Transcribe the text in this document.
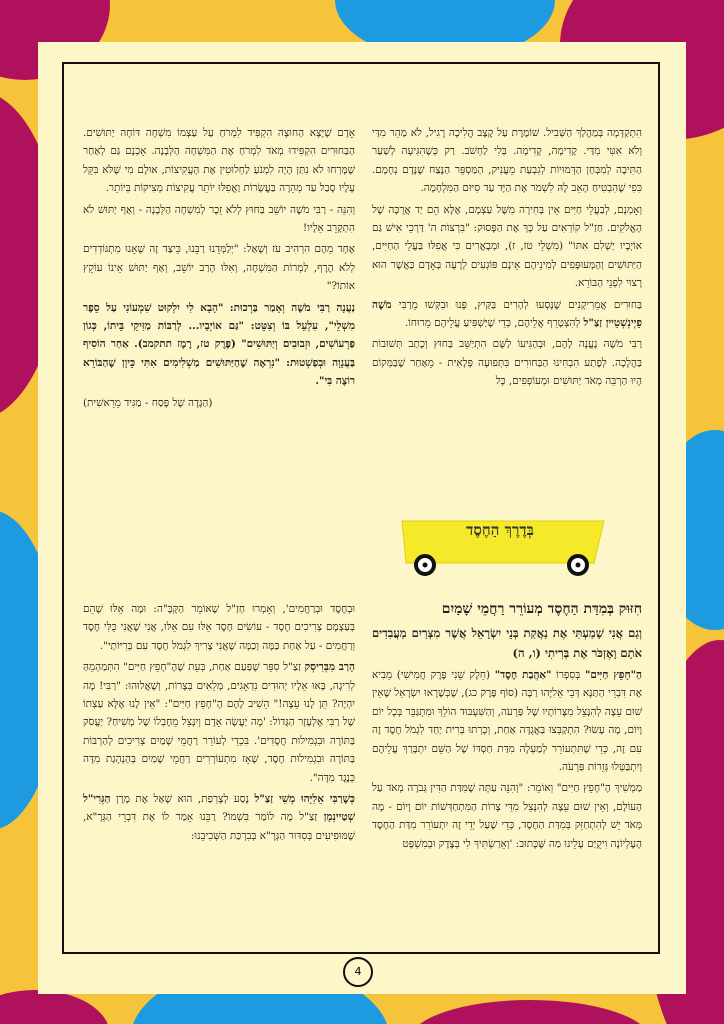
הִתְקַדְּמָה בְּמַהֲלַךְ הַשְּׁבִיל. שׁוֹמֶרֶת עַל קֶצֶב הֲלִיכָה רָגִיל, לֹא מַהֵר מִדַּי וְלֹא אִטִּי מִדַּי. קָדִימָה, קָדִימָה. בְּלִי לַחְשֹׁב. רַק כְּשֶׁהִגִּיעָה לְשַׁעַר הַתִּיבָה לְמִבְּחַן הַדְּמוּיוֹת לְגִבְעַת מֵעֲנִיק, הַמַּסְפֵּר הַנֶּצַח שֶׁנָּדָם נְחָמָם. כִּפִי שֶׁהִבְטִיחַ הָאֵב לָהּ לִשְׁמֹר אֶת הַיָּד עַד סִיּוּם הַמִּלְחָמָה.

וְאָמְנָם, לְבַעֲלֵי חַיִּים אֵין בְּחִירָה מִשֶּׁל עַצְמָם, אֶלָּא הֵם יַד אֲרֻכָּה שֶׁל הָאֱלֹקִים. חַזַ"ל קוֹרְאִים עַל כָּךְ אֶת הַפָּסוּק: "בִּרְצוֹת ה' דַּרְכֵי אִישׁ גַּם אוֹיְבָיו יַשְׁלִם אִתּוֹ" (מִשְׁלֵי טז, ז), וּמְבָאֲרִים כִּי אֲפִלּוּ בַּעֲלֵי הַחַיִּים, הַיַּתּוּשִׁים וְהַמְּעוּפָּפִים לְמִינֵיהֶם אֵינָם פּוֹגְעִים לְרָעָה בָּאָדָם כַּאֲשֶׁר הוּא רָצוּי לִפְנֵי הַבּוֹרֵא.

בַּחוּרִים אֲמֵרִיקָנִים שֶׁנָּסְעוּ לְהָרִים בַּקַּיִץ, פָּנוּ וּבִקְּשׁוּ מֵרַבִּי מֹשֶׁה פֵיְינְשְׁטֵיין זַצַ"ל לְהִצְטָרֵף אֲלֵיהֶם, כְּדֵי שֶׁיַּשְׁפִּיעַ עֲלֵיהֶם מֵרוּחוֹ.

רַבִּי מֹשֶׁה נֶעֱנָה לָהֶם, וּבְהַגִּיעוֹ לַשָּׁם הִתְיַשֵּׁב בַּחוּץ וְכָתַב תְּשׁוּבוֹת בַּהֲלָכָה. לְפֶתַע הִבְחִינוּ הַבַּחוּרִים בִּתְּפוּעָה פְּלָאִית - מֵאַחַר שֶׁבַּמְּקוֹם הָיוּ הַרְבֵּה מְאֹד יַתּוּשִׁים וּמְעוֹפְפִים, כָּל

אָדָם שֶׁיָּצָא הַחוּצָה הִקְפִּיד לִמְרֹחַ עַל עַצְמוֹ מִשְׁחָה דּוֹחָה יַתּוּשִׁים. הַבַּחוּרִים הִקְפִּידוּ מְאֹד לִמְרֹחַ אֶת הַמִּשְׁחָה הַלְּבָנָה. אָכְנָם גַּם לְאַחַר שֶׁמָּרְחוּ לֹא נִתַּן הָיָה לִמְנֹעַ לַחְלוּטִין אֶת הָעֲקִיצוֹת, אוּלָם מִי שֶׁלֹּא בִּקֵּל עָלָיו סָבַל עַד מְהֵרָה בַּעֲשָׂרוֹת וַאֲפִלּוּ יוֹתֵר עֲקִיצוֹת מְצִיקוֹת בְּיוֹתֵר.

וְהִנֵּה - רַבִּי מֹשֶׁה יוֹשֵׁב בַּחוּץ לְלֹא זֵכֶר לְמִשְׁחָה הַלְּבָנָה - וְאַף יַתּוּשׁ לֹא הִתְקָרֵב אֵלָיו!

אֶחָד מֵהֶם הִרְהִיב עֹז וְשָׁאַל: "יְלַמְּדֵנוּ רַבֵּנוּ, כֵּיצַד זֶה שֶׁאָנוּ מִתְגּוֹדְדִים לְלֹא הֶרֶף, לַמְרוֹת הַמִּשְׁחָה, וְאִלּוּ הָרַב יוֹשֵׁב, וְאַף יַתּוּשׁ אֵינוֹ עוֹקֵץ אוֹתוֹ?"

נַעֲנָה רַבִּי מֹשֶׁה וְאָמַר בַּרְכוּת: "הָבָא לִי יִלְקוּט שִׁמְעוֹנִי עַל סֵפֶר מִשְׁלֵי", עִלְעֵל בּוֹ וְצִטֵּט: "גַּם אוֹיְבָיו... לְרַבּוֹת מַזִּיקֵי בֵּיתוֹ, כְּגוֹן פַּרְעוֹשִׁים, וּזְבוּבִים וְיַתּוּשִׁים" (פֶּרֶק טז, רֶמֶז תתקמב). אַחַר הוֹסִיף בַּעֲנָוָה וּבְפַשְׁטוּת: "נִרְאֶה שֶׁהַיַּתּוּשִׁים מַשְׁלִימִים אִתִּי כֵּיוָן שֶׁהַבּוֹרֵא רוֹצֶה בִּי".

(הַגָּדָה שֶׁל פֶּסַח - מַגִּיד מֵרֵאשִׁית)
בְּדֶרֶךְ הַחֶסֶד

חִזּוּק בְּמִדַּת הַחֶסֶד מְעוֹרֵר רַחֲמֵי שָׁמַיִם

וְגַם אֲנִי שָׁמַעְתִּי אֶת נַאֲקַת בְּנֵי יִשְׂרָאֵל אֲשֶׁר מִצְרַיִם מַעֲבִדִים אֹתָם וָאֶזְכֹּר אֶת בְּרִיתִי (ו, ה)

הַ"חָפֵץ חַיִּים" בְּסִפְרוֹ "אַהֲבַת חֶסֶד" (חֵלֶק שֵׁנִי פֶּרֶק חֲמִישִׁי) מֵבִיא אֶת דִּבְרֵי הַתַּנָּא דְּבֵי אֵלִיָּהוּ רַבָּה (סוֹף פֶּרֶק כג), שֶׁכְּשֶׁרָאוּ יִשְׂרָאֵל שֶׁאֵין שׁוּם עֵצָה לְהִנָּצֵל מִצָּרוֹתָיו שֶׁל פַּרְעֹה, וְהַשִּׁעְבּוּד הוֹלֵךְ וּמִתְגַּבֵּר בְּכָל יוֹם וָיוֹם, מָה עָשׂוּ? הִתְקַבְּצוּ בַּאֲגֻדָּה אַחַת, וְכָרְתוּ בְּרִית יַחַד לִגְמֹל חֶסֶד זֶה עִם זֶה, כְּדֵי שֶׁתִּתְעוֹרֵר לְמַעְלָה מִדַּת חַסְדּוֹ שֶׁל הַשֵּׁם יִתְבָּרַךְ עֲלֵיהֶם וְיִתְבַּטְּלוּ גְּזֵרוֹת פַּרְעֹה.

מַמְשִׁיךְ הֶ"חָפֵץ חַיִּים" וְאוֹמֵר: "וְהִנֵּה עַתָּה שֶׁמִּדַּת הַדִּין גְּבֹרָה מְאֹד עַל הָעוֹלָם, וְאֵין שׁוּם עֵצָה לְהִנָּצֵל מִדֵּי צָרוֹת הַמִּתְחַדְּשׁוֹת יוֹם וָיוֹם - מָה מְּאֹד יֵשׁ לְהִתְחַזֵּק בְּמִדַּת הַחֶסֶד, כְּדֵי שֶׁעַל יְדֵי זֶה יִתְעוֹרֵר מִדַּת הַחֶסֶד הָעֶלְיוֹנָה וִיקֻיַּם עָלֵינוּ מַה שֶּׁכָּתוּב: 'וְאֵרַשְׂתִּיךְ לִי בְּצֶדֶק וּבְמִשְׁפָּט

וּבְחֶסֶד וּבְרַחֲמִים', וְאָמְרוּ חַזַ"ל שֶׁאוֹמֵר הַקָּבָּ"ה: וּמָה אֵלּוּ שֶׁהֵם בְּעַצְמָם צְרִיכִים חֶסֶד - עוֹשִׂים חֶסֶד אֵלּוּ עִם אֵלּוּ, אֲנִי שֶׁאֲנִי כֻּלִּי חֶסֶד וְרַחֲמִים - עַל אַחַת כַּמָּה וְכַמָּה שֶׁאֲנִי צָרִיךְ לִגְמֹל חֶסֶד עִם בְּרִיּוֹתַי".

הָרַב מִבְּרִיסְק זַצַ"ל סִפֵּר שֶׁפַּעַם אַחַת, בְּעֵת שֶׁהֶ"חָפֵץ חַיִּים" הִתְּמַהְמֵהַּ לְרִיגָה, בָּאוּ אֵלָיו יְהוּדִים נִדְאָגִים, מְלֵאִים בְּצָרוֹת, וְשָׁאֲלוּהוּ: "רַבִּי! מָה יִהְיֶה? תֵּן לָנוּ עֵצָה!" הֵשִׁיב לָהֶם הֶ"חָפֵץ חַיִּים": "אֵין לָנוּ אֶלָּא עַצְתוֹ שֶׁל רַבִּי אֶלְעָזָר הַגָּדוֹל: 'מָה יַעֲשֶׂה אָדָם וְיִנָּצֵל מֵחֶבְלוֹ שֶׁל מָשִׁיחַ? יַעֲסֹק בַּתּוֹרָה וּבִגְמִילוּת חֲסָדִים'. בִּכְדֵי לְעוֹרֵר רַחֲמֵי שָׁמַיִם צְרִיכִים לְהַרְבּוֹת בַּתּוֹרָה וּבִגְמִילוּת חֶסֶד, שֶׁאָז מִתְעוֹרְרִים רַחֲמֵי שָׁמַיִם בְּהַנְהָגַת מִדָּה כְּנֶגֶד מִדָּה".

כְּשֶׁרַבִּי אֵלִיָּהוּ מְשִׁי זַצַ"ל נָסַע לְצָרְפַת, הוּא שָׁאַל אֶת מָרָן הַגְּרִי"ל שְׁטַיינְמָן זַצַ"ל מָה לוֹמַר בִּשְׁמוֹ? רַבֵּנוּ אָמַר לוֹ אֶת דִּבְרֵי הַגְּרָ"א, שֶׁמּוּפִיעִים בְּסִדּוּר הַגְּרָ"א בְּבִרְכַּת הַשְּׁכִיבֵנוּ:

4
